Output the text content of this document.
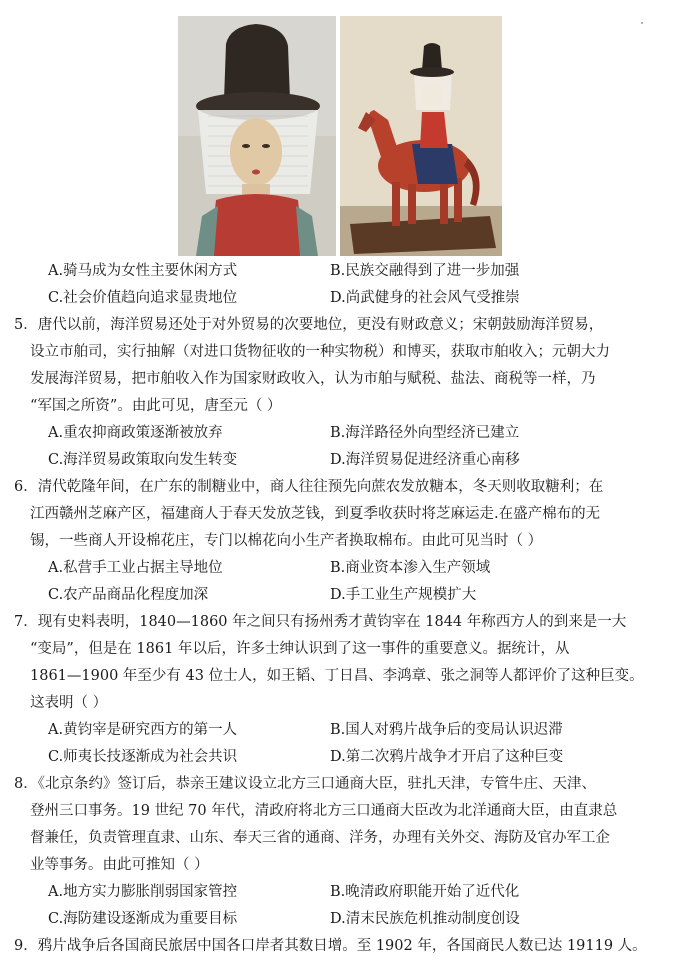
A.骑马成为女性主要休闲方式	B.民族交融得到了进一步加强
C.社会价值趋向追求显贵地位	D.尚武健身的社会风气受推崇
5．唐代以前，海洋贸易还处于对外贸易的次要地位，更没有财政意义；宋朝鼓励海洋贸易，
设立市舶司，实行抽解（对进口货物征收的一种实物税）和博买，获取市舶收入；元朝大力
发展海洋贸易，把市舶收入作为国家财政收入，认为市舶与赋税、盐法、商税等一样，乃
“军国之所资”。由此可见，唐至元（ ）
A.重农抑商政策逐渐被放弃	B.海洋路径外向型经济已建立
C.海洋贸易政策取向发生转变	D.海洋贸易促进经济重心南移
6．清代乾隆年间，在广东的制糖业中，商人往往预先向蔗农发放糖本，冬天则收取糖利；在
江西赣州芝麻产区，福建商人于春天发放芝钱，到夏季收获时将芝麻运走.在盛产棉布的无
锡，一些商人开设棉花庄，专门以棉花向小生产者换取棉布。由此可见当时（ ）
A.私营手工业占据主导地位	B.商业资本渗入生产领域
C.农产品商品化程度加深	D.手工业生产规模扩大
7．现有史料表明，1840—1860 年之间只有扬州秀才黄钧宰在 1844 年称西方人的到来是一大
“变局”，但是在 1861 年以后，许多士绅认识到了这一事件的重要意义。据统计，从
1861—1900 年至少有 43 位士人，如王韬、丁日昌、李鸿章、张之洞等人都评价了这种巨变。
这表明（ ）
A.黄钧宰是研究西方的第一人	B.国人对鸦片战争后的变局认识迟滞
C.师夷长技逐渐成为社会共识	D.第二次鸦片战争才开启了这种巨变
8．《北京条约》签订后，恭亲王建议设立北方三口通商大臣，驻扎天津，专管牛庄、天津、
登州三口事务。19 世纪 70 年代，清政府将北方三口通商大臣改为北洋通商大臣，由直隶总
督兼任，负责管理直隶、山东、奉天三省的通商、洋务，办理有关外交、海防及官办军工企
业等事务。由此可推知（ ）
A.地方实力膨胀削弱国家管控	B.晚清政府职能开始了近代化
C.海防建设逐渐成为重要目标	D.清末民族危机推动制度创设
9．鸦片战争后各国商民旅居中国各口岸者其数日增。至 1902 年，各国商民人数已达 19119 人。
